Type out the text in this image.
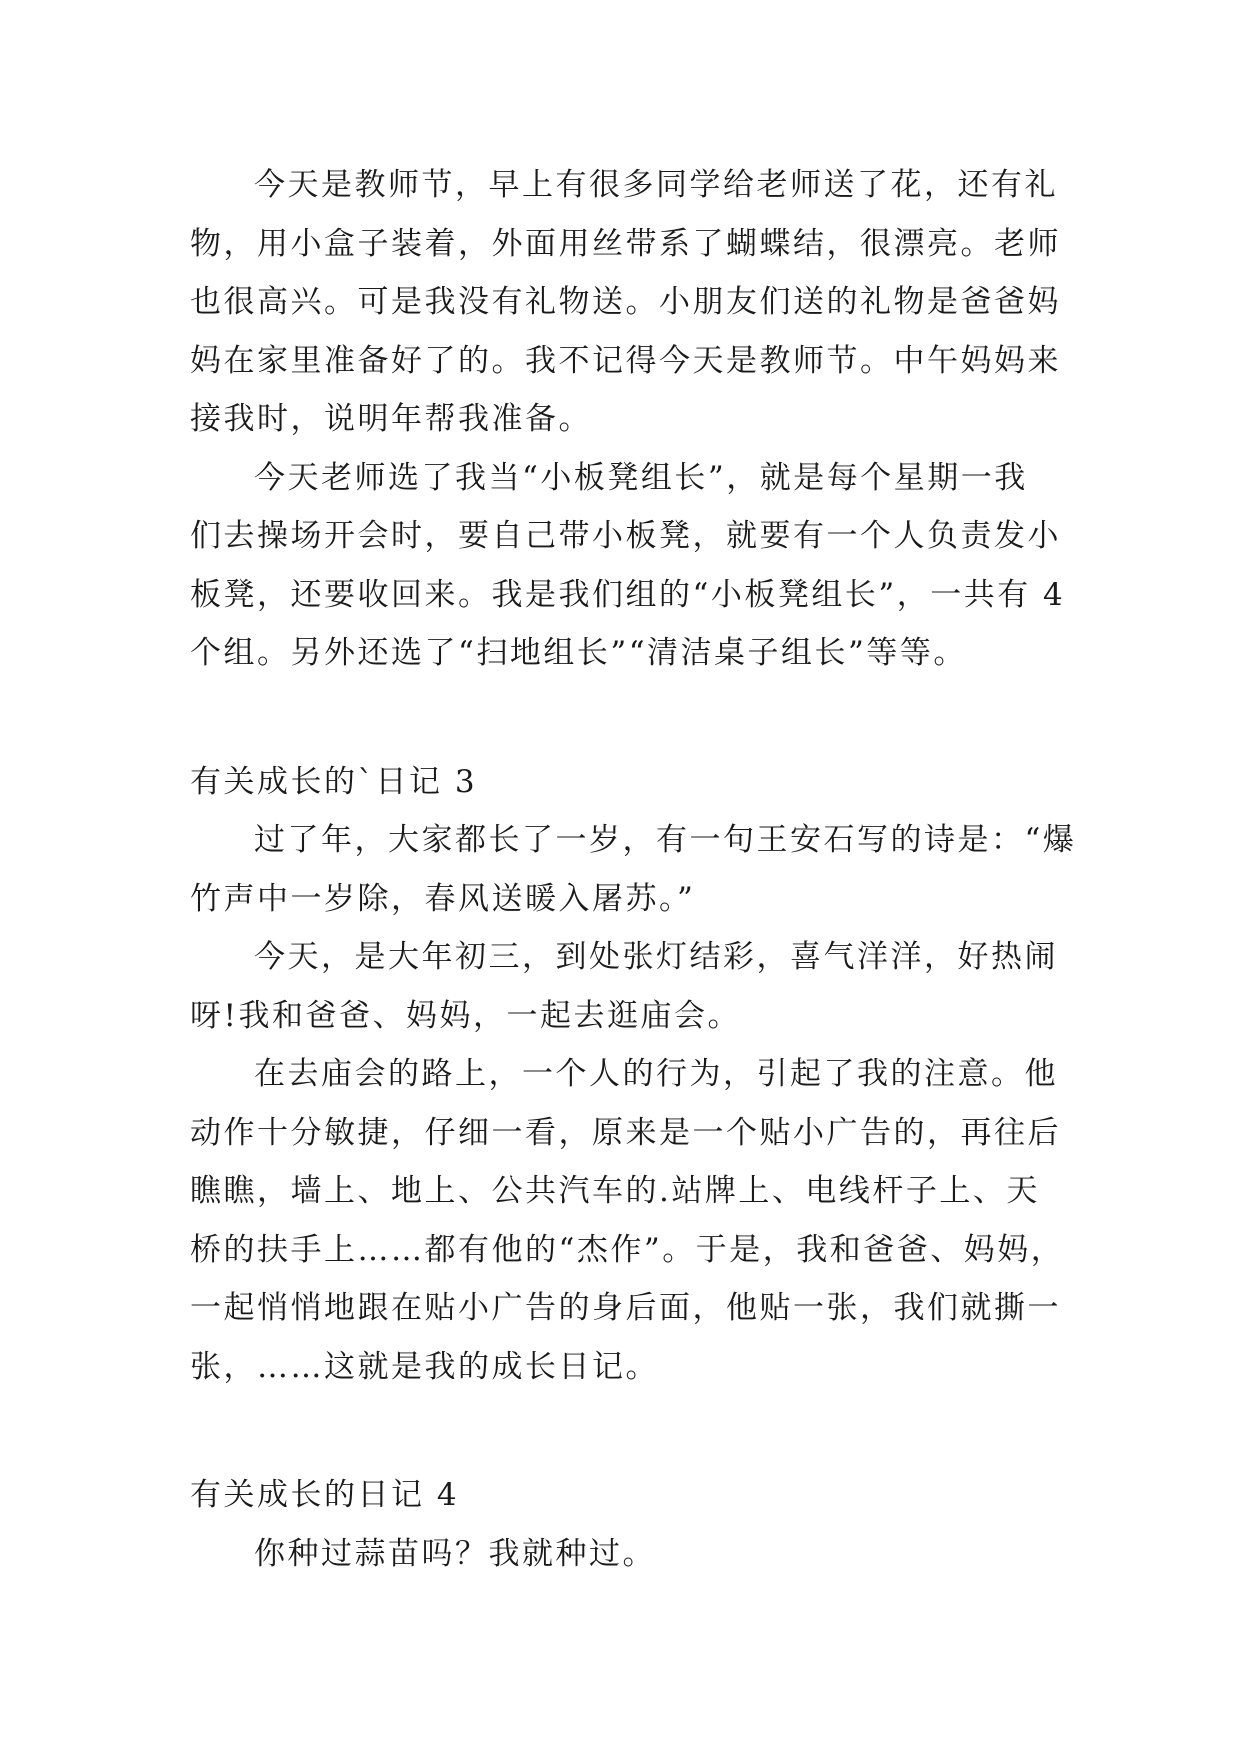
今天是教师节，早上有很多同学给老师送了花，还有礼
物，用小盒子装着，外面用丝带系了蝴蝶结，很漂亮。老师
也很高兴。可是我没有礼物送。小朋友们送的礼物是爸爸妈
妈在家里准备好了的。我不记得今天是教师节。中午妈妈来
接我时，说明年帮我准备。
今天老师选了我当“小板凳组长”，就是每个星期一我
们去操场开会时，要自己带小板凳，就要有一个人负责发小
板凳，还要收回来。我是我们组的“小板凳组长”，一共有 4
个组。另外还选了“扫地组长”“清洁桌子组长”等等。
有关成长的`日记 3
过了年，大家都长了一岁，有一句王安石写的诗是：“爆
竹声中一岁除，春风送暖入屠苏。”
今天，是大年初三，到处张灯结彩，喜气洋洋，好热闹
呀!我和爸爸、妈妈，一起去逛庙会。
在去庙会的路上，一个人的行为，引起了我的注意。他
动作十分敏捷，仔细一看，原来是一个贴小广告的，再往后
瞧瞧，墙上、地上、公共汽车的.站牌上、电线杆子上、天
桥的扶手上……都有他的“杰作”。于是，我和爸爸、妈妈，
一起悄悄地跟在贴小广告的身后面，他贴一张，我们就撕一
张，……这就是我的成长日记。
有关成长的日记 4
你种过蒜苗吗？我就种过。
